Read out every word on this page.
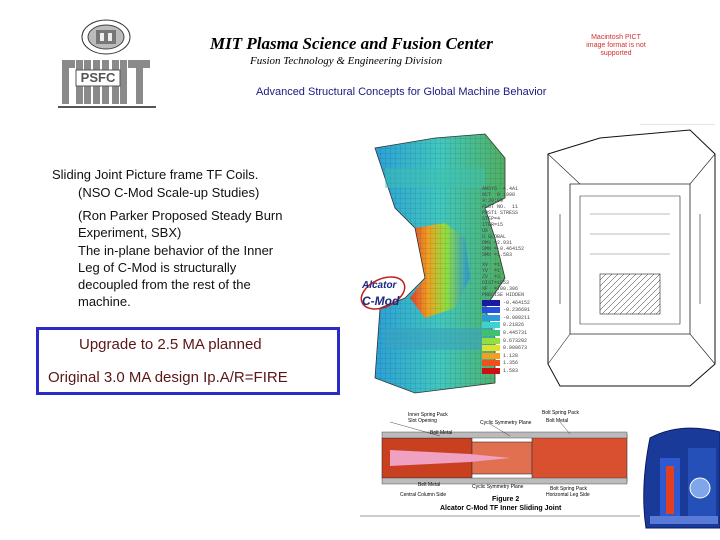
PSFC
MIT Plasma Science and Fusion Center
Fusion Technology & Engineering Division
Advanced Structural Concepts for Global Machine Behavior
Macintosh PICT image format is not supported
Sliding Joint Picture frame TF Coils.
(NSO C-Mod Scale-up Studies)
(Ron Parker Proposed Steady Burn
Experiment, SBX)
The in-plane behavior of the Inner
Leg of C-Mod is structurally
decoupled from the rest of the
machine.
Upgrade to 2.5 MA planned
Original 3.0 MA design Ip.A/R=FIRE
Alcator
C-Mod
ANSYS  4.4A1
OCT  8 1998
9:20:09
PLOT NO.  11
POST1 STRESS
STEP=4
ITER=15
UX
D GLOBAL
DMX =2.931
SMN =-0.464152
SMX =1.583
XV  =1
YV  =1
ZV  =3
DIST=1953
XF  =700.306
PRECISE HIDDEN
-0.464152
-0.236691
-0.009211
0.21826
0.445731
0.673202
0.900673
1.128
1.356
1.583
Inner Spring Pack
Slot Opening	Cyclic Symmetry Plane
Bolt Spring Pack
Bolt Metal
Bolt Metal
Belt Metal	Cyclic Symmetry Plane	Bolt Spring Pack
Central Column Side	Horizontal Leg Side
Figure 2
Alcator C-Mod TF Inner Sliding Joint
